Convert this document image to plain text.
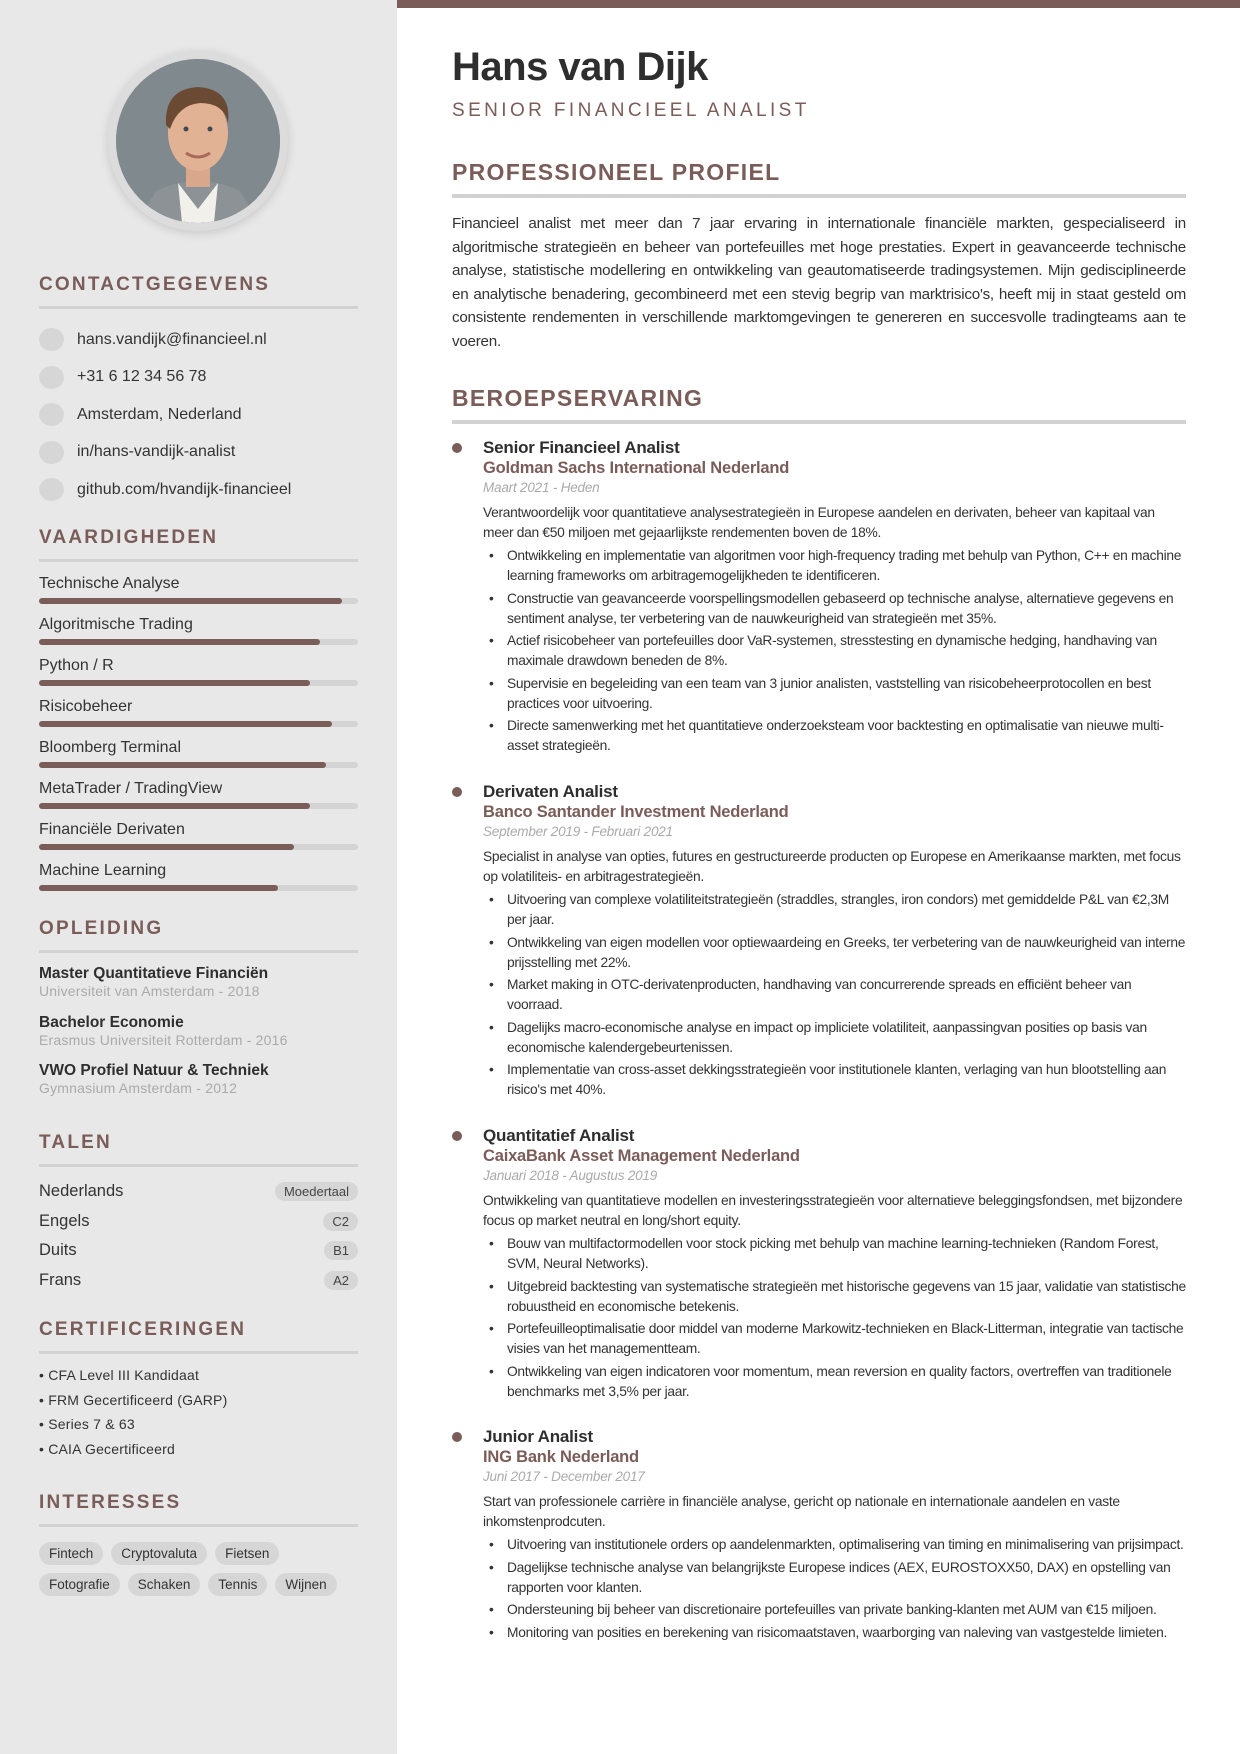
CONTACTGEGEVENS
hans.vandijk@financieel.nl
+31 6 12 34 56 78
Amsterdam, Nederland
in/hans-vandijk-analist
github.com/hvandijk-financieel
VAARDIGHEDEN
Technische Analyse
Algoritmische Trading
Python / R
Risicobeheer
Bloomberg Terminal
MetaTrader / TradingView
Financiële Derivaten
Machine Learning
OPLEIDING
Master Quantitatieve Financiën
Universiteit van Amsterdam - 2018
Bachelor Economie
Erasmus Universiteit Rotterdam - 2016
VWO Profiel Natuur & Techniek
Gymnasium Amsterdam - 2012
TALEN
Nederlands	Moedertaal
Engels	C2
Duits	B1
Frans	A2
CERTIFICERINGEN
• CFA Level III Kandidaat
• FRM Gecertificeerd (GARP)
• Series 7 & 63
• CAIA Gecertificeerd
INTERESSES
Fintech	Cryptovaluta	Fietsen
Fotografie	Schaken	Tennis	Wijnen
Hans van Dijk
SENIOR FINANCIEEL ANALIST
PROFESSIONEEL PROFIEL
Financieel analist met meer dan 7 jaar ervaring in internationale financiële markten, gespecialiseerd in algoritmische strategieën en beheer van portefeuilles met hoge prestaties. Expert in geavanceerde technische analyse, statistische modellering en ontwikkeling van geautomatiseerde tradingsystemen. Mijn gedisciplineerde en analytische benadering, gecombineerd met een stevig begrip van marktrisico's, heeft mij in staat gesteld om consistente rendementen in verschillende marktomgevingen te genereren en succesvolle tradingteams aan te voeren.
BEROEPSERVARING
Senior Financieel Analist
Goldman Sachs International Nederland
Maart 2021 - Heden
Verantwoordelijk voor quantitatieve analysestrategieën in Europese aandelen en derivaten, beheer van kapitaal van meer dan €50 miljoen met gejaarlijkste rendementen boven de 18%.
• Ontwikkeling en implementatie van algoritmen voor high-frequency trading met behulp van Python, C++ en machine learning frameworks om arbitragemogelijkheden te identificeren.
• Constructie van geavanceerde voorspellingsmodellen gebaseerd op technische analyse, alternatieve gegevens en sentiment analyse, ter verbetering van de nauwkeurigheid van strategieën met 35%.
• Actief risicobeheer van portefeuilles door VaR-systemen, stresstesting en dynamische hedging, handhaving van maximale drawdown beneden de 8%.
• Supervisie en begeleiding van een team van 3 junior analisten, vaststelling van risicobeheerprotocollen en best practices voor uitvoering.
• Directe samenwerking met het quantitatieve onderzoeksteam voor backtesting en optimalisatie van nieuwe multi-asset strategieën.
Derivaten Analist
Banco Santander Investment Nederland
September 2019 - Februari 2021
Specialist in analyse van opties, futures en gestructureerde producten op Europese en Amerikaanse markten, met focus op volatiliteis- en arbitragestrategieën.
• Uitvoering van complexe volatiliteitstrategieën (straddles, strangles, iron condors) met gemiddelde P&L van €2,3M per jaar.
• Ontwikkeling van eigen modellen voor optiewaardeing en Greeks, ter verbetering van de nauwkeurigheid van interne prijsstelling met 22%.
• Market making in OTC-derivatenproducten, handhaving van concurrerende spreads en efficiënt beheer van voorraad.
• Dagelijks macro-economische analyse en impact op impliciete volatiliteit, aanpassingvan posities op basis van economische kalendergebeurtenissen.
• Implementatie van cross-asset dekkingsstrategieën voor institutionele klanten, verlaging van hun blootstelling aan risico's met 40%.
Quantitatief Analist
CaixaBank Asset Management Nederland
Januari 2018 - Augustus 2019
Ontwikkeling van quantitatieve modellen en investeringsstrategieën voor alternatieve beleggingsfondsen, met bijzondere focus op market neutral en long/short equity.
• Bouw van multifactormodellen voor stock picking met behulp van machine learning-technieken (Random Forest, SVM, Neural Networks).
• Uitgebreid backtesting van systematische strategieën met historische gegevens van 15 jaar, validatie van statistische robuustheid en economische betekenis.
• Portefeuilleoptimalisatie door middel van moderne Markowitz-technieken en Black-Litterman, integratie van tactische visies van het managementteam.
• Ontwikkeling van eigen indicatoren voor momentum, mean reversion en quality factors, overtreffen van traditionele benchmarks met 3,5% per jaar.
Junior Analist
ING Bank Nederland
Juni 2017 - December 2017
Start van professionele carrière in financiële analyse, gericht op nationale en internationale aandelen en vaste inkomstenprodcuten.
• Uitvoering van institutionele orders op aandelenmarkten, optimalisering van timing en minimalisering van prijsimpact.
• Dagelijkse technische analyse van belangrijkste Europese indices (AEX, EUROSTOXX50, DAX) en opstelling van rapporten voor klanten.
• Ondersteuning bij beheer van discretionaire portefeuilles van private banking-klanten met AUM van €15 miljoen.
• Monitoring van posities en berekening van risicomaatstaven, waarborging van naleving van vastgestelde limieten.
